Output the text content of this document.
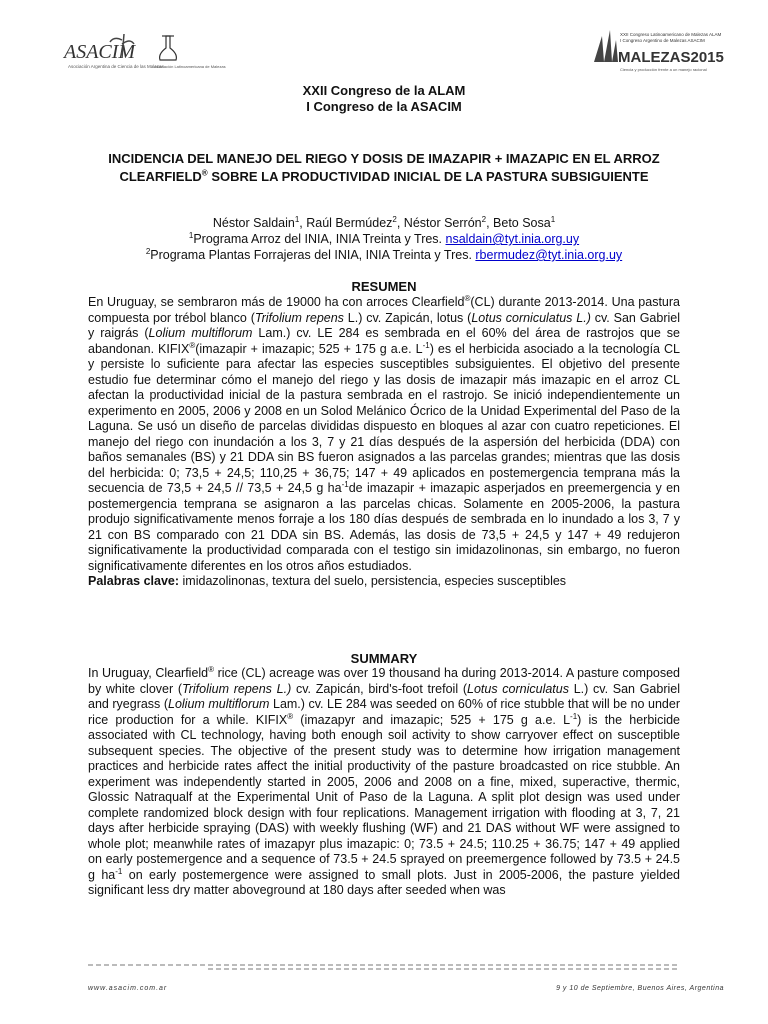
ASACIM
Asociación Argentina de Ciencia de las Malezas
Asociación Latinoamericana de Malezas
XXII Congreso Latinoamericano de Malezas ALAM
I Congreso Argentino de Malezas ASACIM
MALEZAS2015
Ciencia y producción frente a un manejo racional
XXII Congreso de la ALAM
I Congreso de la ASACIM
INCIDENCIA DEL MANEJO DEL RIEGO Y DOSIS DE IMAZAPIR + IMAZAPIC EN EL ARROZ CLEARFIELD® SOBRE LA PRODUCTIVIDAD INICIAL DE LA PASTURA SUBSIGUIENTE
Néstor Saldain$^1$, Raúl Bermúdez$^2$, Néstor Serrón$^2$, Beto Sosa$^1$
$^1$Programa Arroz del INIA, INIA Treinta y Tres. nsaldain@tyt.inia.org.uy
$^2$Programa Plantas Forrajeras del INIA, INIA Treinta y Tres. rbermudez@tyt.inia.org.uy
RESUMEN
En Uruguay, se sembraron más de 19000 ha con arroces Clearfield®(CL) durante 2013-2014. Una pastura compuesta por trébol blanco (Trifolium repens L.) cv. Zapicán, lotus (Lotus corniculatus L.) cv. San Gabriel y raigrás (Lolium multiflorum Lam.) cv. LE 284 es sembrada en el 60% del área de rastrojos que se abandonan. KIFIX®(imazapir + imazapic; 525 + 175 g a.e. $L^{-1}$) es el herbicida asociado a la tecnología CL y persiste lo suficiente para afectar las especies susceptibles subsiguientes. El objetivo del presente estudio fue determinar cómo el manejo del riego y las dosis de imazapir más imazapic en el arroz CL afectan la productividad inicial de la pastura sembrada en el rastrojo. Se inició independientemente un experimento en 2005, 2006 y 2008 en un Solod Melánico Ócrico de la Unidad Experimental del Paso de la Laguna. Se usó un diseño de parcelas divididas dispuesto en bloques al azar con cuatro repeticiones. El manejo del riego con inundación a los 3, 7 y 21 días después de la aspersión del herbicida (DDA) con baños semanales (BS) y 21 DDA sin BS fueron asignados a las parcelas grandes; mientras que las dosis del herbicida: 0; 73,5 + 24,5; 110,25 + 36,75; 147 + 49 aplicados en postemergencia temprana más la secuencia de 73,5 + 24,5 // 73,5 + 24,5 g $ha^{-1}de$ imazapir + imazapic asperjados en preemergencia y en postemergencia temprana se asignaron a las parcelas chicas. Solamente en 2005-2006, la pastura produjo significativamente menos forraje a los 180 días después de sembrada en lo inundado a los 3, 7 y 21 con BS comparado con 21 DDA sin BS. Además, las dosis de 73,5 + 24,5 y 147 + 49 redujeron significativamente la productividad comparada con el testigo sin imidazolinonas, sin embargo, no fueron significativamente diferentes en los otros años estudiados.
Palabras clave: imidazolinonas, textura del suelo, persistencia, especies susceptibles
SUMMARY
In Uruguay, Clearfield® rice (CL) acreage was over 19 thousand ha during 2013-2014. A pasture composed by white clover (Trifolium repens L.) cv. Zapicán, bird's-foot trefoil (Lotus corniculatus L.) cv. San Gabriel and ryegrass (Lolium multiflorum Lam.) cv. LE 284 was seeded on 60% of rice stubble that will be no under rice production for a while. KIFIX® (imazapyr and imazapic; 525 + 175 g a.e. $L^{-1}$) is the herbicide associated with CL technology, having both enough soil activity to show carryover effect on susceptible subsequent species. The objective of the present study was to determine how irrigation management practices and herbicide rates affect the initial productivity of the pasture broadcasted on rice stubble. An experiment was independently started in 2005, 2006 and 2008 on a fine, mixed, superactive, thermic, Glossic Natraqualf at the Experimental Unit of Paso de la Laguna. A split plot design was used under complete randomized block design with four replications. Management irrigation with flooding at 3, 7, 21 days after herbicide spraying (DAS) with weekly flushing (WF) and 21 DAS without WF were assigned to whole plot; meanwhile rates of imazapyr plus imazapic: 0; 73.5 + 24.5; 110.25 + 36.75; 147 + 49 applied on early postemergence and a sequence of 73.5 + 24.5 sprayed on preemergence followed by 73.5 + 24.5 g $ha^{-1}$ on early postemergence were assigned to small plots. Just in 2005-2006, the pasture yielded significant less dry matter aboveground at 180 days after seeded when was
www.asacim.com.ar	9 y 10 de Septiembre, Buenos Aires, Argentina
